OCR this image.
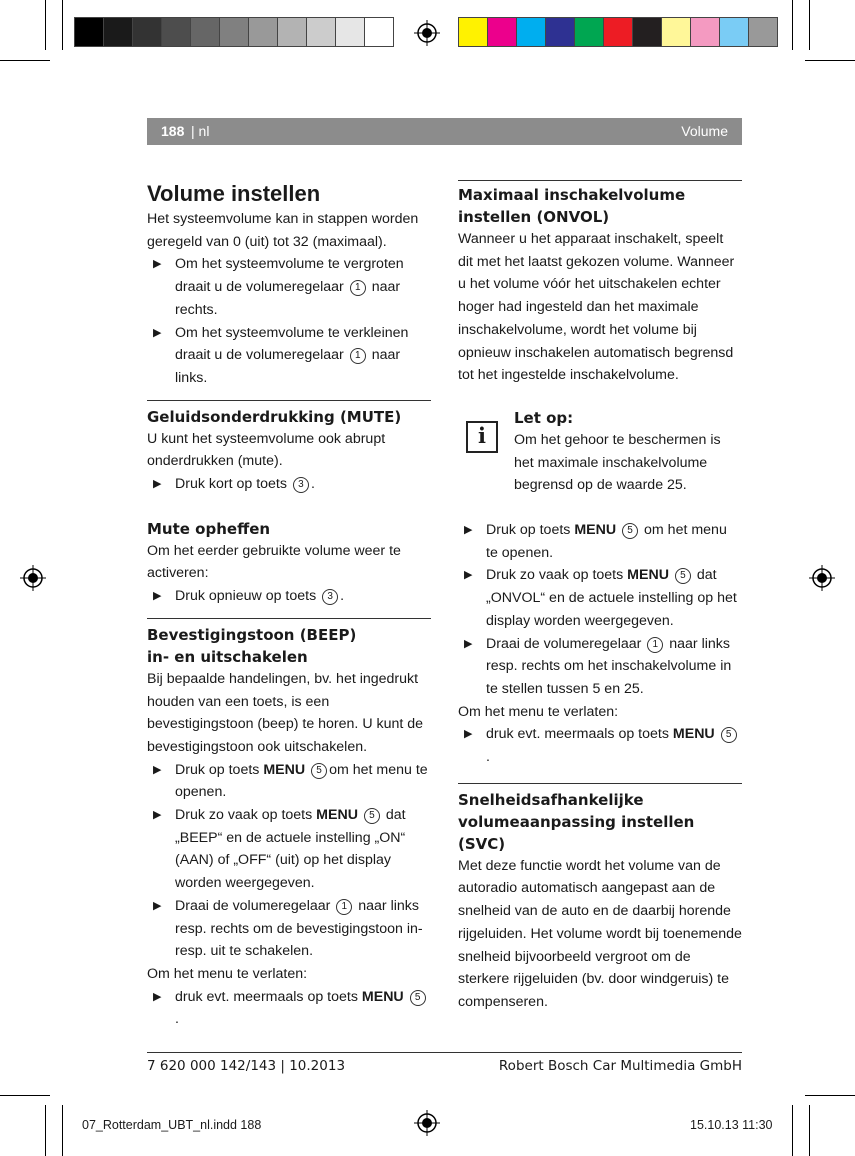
188 | nl	Volume
Volume instellen

Het systeemvolume kan in stappen worden geregeld van 0 (uit) tot 32 (maximaal).

▶ Om het systeemvolume te vergroten draait u de volumeregelaar 1 naar rechts.
▶ Om het systeemvolume te verkleinen draait u de volumeregelaar 1 naar links.
Geluidsonderdrukking (MUTE)

U kunt het systeemvolume ook abrupt onderdrukken (mute).

▶ Druk kort op toets 3 .
Mute opheffen

Om het eerder gebruikte volume weer te activeren:

▶ Druk opnieuw op toets 3 .
Bevestigingstoon (BEEP) in- en uitschakelen

Bij bepaalde handelingen, bv. het ingedrukt houden van een toets, is een bevestigingstoon (beep) te horen. U kunt de bevestigingstoon ook uitschakelen.

▶ Druk op toets MENU 5 om het menu te openen.
▶ Druk zo vaak op toets MENU 5 dat „BEEP“ en de actuele instelling „ON“ (AAN) of „OFF“ (uit) op het display worden weergegeven.
▶ Draai de volumeregelaar 1 naar links resp. rechts om de bevestigingstoon in- resp. uit te schakelen.

Om het menu te verlaten:

▶ druk evt. meermaals op toets MENU 5.
Maximaal inschakelvolume instellen (ONVOL)

Wanneer u het apparaat inschakelt, speelt dit met het laatst gekozen volume. Wanneer u het volume vóór het uitschakelen echter hoger had ingesteld dan het maximale inschakelvolume, wordt het volume bij opnieuw inschakelen automatisch begrensd tot het ingestelde inschakelvolume.

i
Let op:

Om het gehoor te beschermen is het maximale inschakelvolume begrensd op de waarde 25.

▶ Druk op toets MENU 5 om het menu te openen.
▶ Druk zo vaak op toets MENU 5 dat „ONVOL“ en de actuele instelling op het display worden weergegeven.
▶ Draai de volumeregelaar 1 naar links resp. rechts om het inschakelvolume in te stellen tussen 5 en 25.

Om het menu te verlaten:

▶ druk evt. meermaals op toets MENU 5.
Snelheidsafhankelijke volumeaanpassing instellen (SVC)

Met deze functie wordt het volume van de autoradio automatisch aangepast aan de snelheid van de auto en de daarbij horende rijgeluiden. Het volume wordt bij toenemende snelheid bijvoorbeeld vergroot om de sterkere rijgeluiden (bv. door windgeruis) te compenseren.

7 620 000 142/143 | 10.2013	Robert Bosch Car Multimedia GmbH
07_Rotterdam_UBT_nl.indd 188	15.10.13 11:30
